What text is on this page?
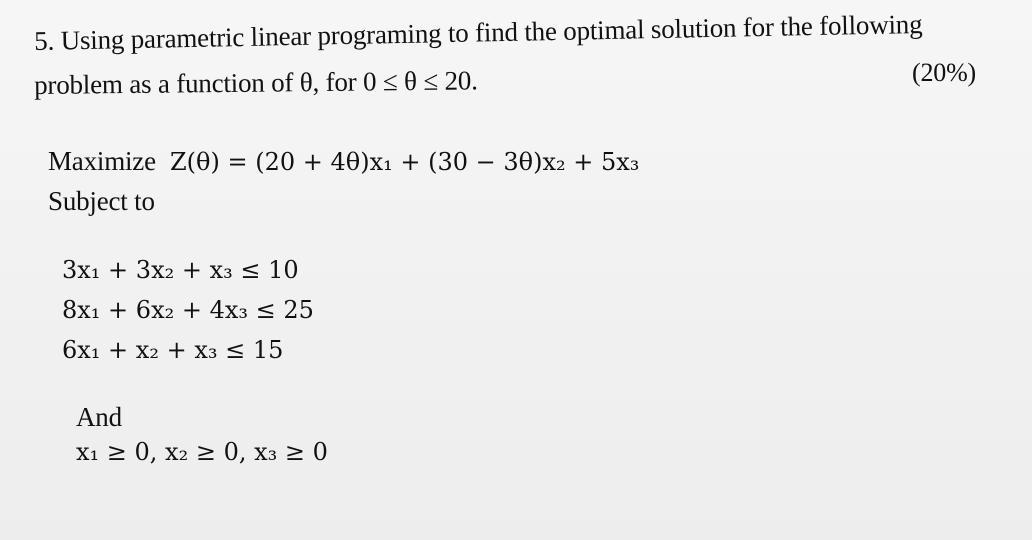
5. Using parametric linear programing to find the optimal solution for the following
problem as a function of θ, for 0 ≤ θ ≤ 20.	(20%)
Maximize Z(θ) = (20 + 4θ)x₁ + (30 − 3θ)x₂ + 5x₃
Subject to
3x₁ + 3x₂ + x₃ ≤ 10
8x₁ + 6x₂ + 4x₃ ≤ 25
6x₁ + x₂ + x₃ ≤ 15
And
x₁ ≥ 0, x₂ ≥ 0, x₃ ≥ 0
